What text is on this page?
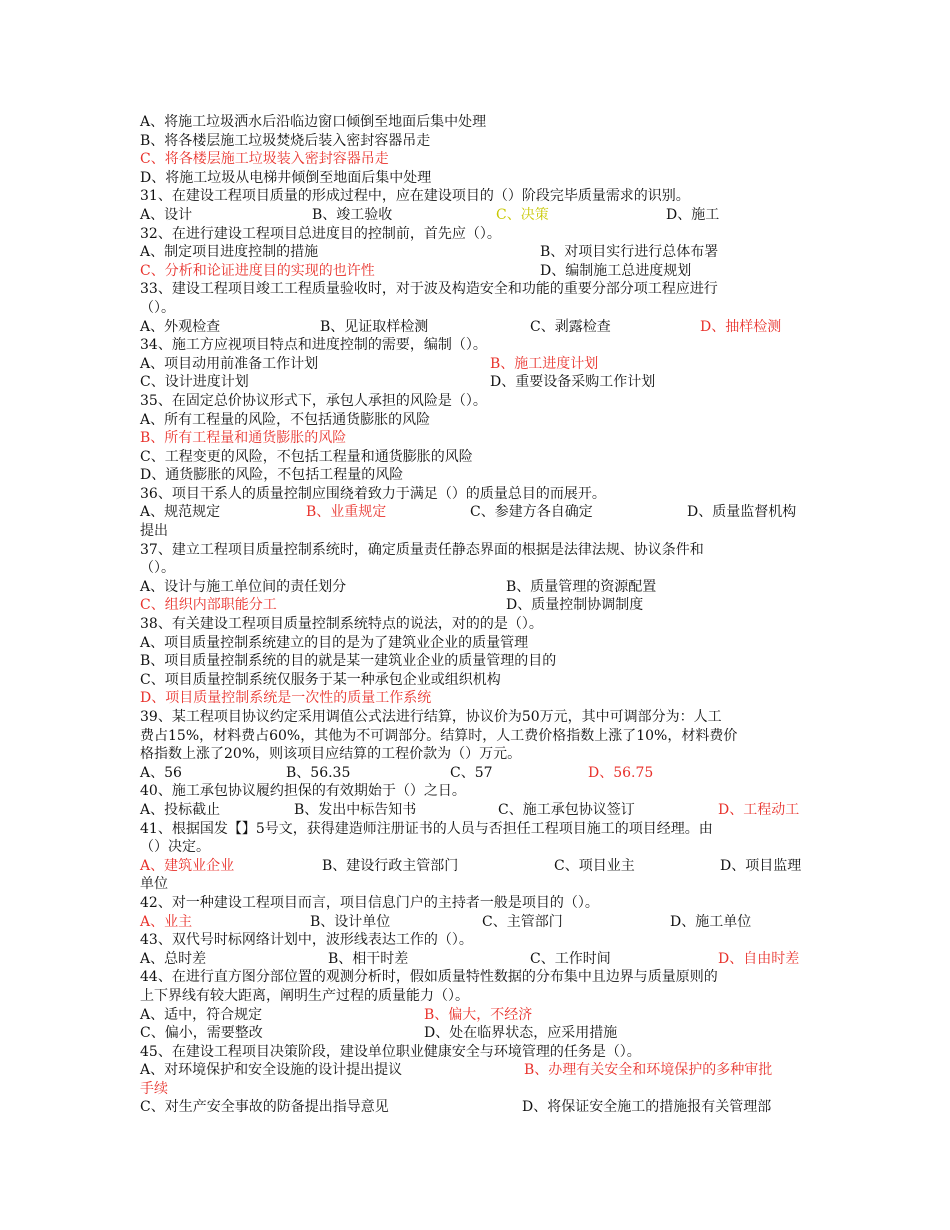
A、将施工垃圾洒水后沿临边窗口倾倒至地面后集中处理
B、将各楼层施工垃圾焚烧后装入密封容器吊走
C、将各楼层施工垃圾装入密封容器吊走
D、将施工垃圾从电梯井倾倒至地面后集中处理
31、在建设工程项目质量的形成过程中，应在建设项目的（）阶段完毕质量需求的识别。
A、设计	B、竣工验收	C、决策	D、施工
32、在进行建设工程项目总进度目的控制前，首先应（）。
A、制定项目进度控制的措施	B、对项目实行进行总体布署
C、分析和论证进度目的实现的也许性	D、编制施工总进度规划
33、建设工程项目竣工工程质量验收时，对于波及构造安全和功能的重要分部分项工程应进行
（）。
A、外观检查	B、见证取样检测	C、剥露检查	D、抽样检测
34、施工方应视项目特点和进度控制的需要，编制（）。
A、项目动用前准备工作计划	B、施工进度计划
C、设计进度计划	D、重要设备采购工作计划
35、在固定总价协议形式下，承包人承担的风险是（）。
A、所有工程量的风险，不包括通货膨胀的风险
B、所有工程量和通货膨胀的风险
C、工程变更的风险，不包括工程量和通货膨胀的风险
D、通货膨胀的风险，不包括工程量的风险
36、项目干系人的质量控制应围绕着致力于满足（）的质量总目的而展开。
A、规范规定	B、业重规定	C、参建方各自确定	D、质量监督机构
提出
37、建立工程项目质量控制系统时，确定质量责任静态界面的根据是法律法规、协议条件和
（）。
A、设计与施工单位间的责任划分	B、质量管理的资源配置
C、组织内部职能分工	D、质量控制协调制度
38、有关建设工程项目质量控制系统特点的说法，对的的是（）。
A、项目质量控制系统建立的目的是为了建筑业企业的质量管理
B、项目质量控制系统的目的就是某一建筑业企业的质量管理的目的
C、项目质量控制系统仅服务于某一种承包企业或组织机构
D、项目质量控制系统是一次性的质量工作系统
39、某工程项目协议约定采用调值公式法进行结算，协议价为50万元，其中可调部分为：人工
费占15%，材料费占60%，其他为不可调部分。结算时，人工费价格指数上涨了10%，材料费价
格指数上涨了20%，则该项目应结算的工程价款为（）万元。
A、56	B、56.35	C、57	D、56.75
40、施工承包协议履约担保的有效期始于（）之日。
A、投标截止	B、发出中标告知书	C、施工承包协议签订	D、工程动工
41、根据国发【】5号文，获得建造师注册证书的人员与否担任工程项目施工的项目经理。由
（）决定。
A、建筑业企业	B、建设行政主管部门	C、项目业主	D、项目监理
单位
42、对一种建设工程项目而言，项目信息门户的主持者一般是项目的（）。
A、业主	B、设计单位	C、主管部门	D、施工单位
43、双代号时标网络计划中，波形线表达工作的（）。
A、总时差	B、相干时差	C、工作时间	D、自由时差
44、在进行直方图分部位置的观测分析时，假如质量特性数据的分布集中且边界与质量原则的
上下界线有较大距离，阐明生产过程的质量能力（）。
A、适中，符合规定	B、偏大，不经济
C、偏小，需要整改	D、处在临界状态，应采用措施
45、在建设工程项目决策阶段，建设单位职业健康安全与环境管理的任务是（）。
A、对环境保护和安全设施的设计提出提议	B、办理有关安全和环境保护的多种审批
手续
C、对生产安全事故的防备提出指导意见	D、将保证安全施工的措施报有关管理部
